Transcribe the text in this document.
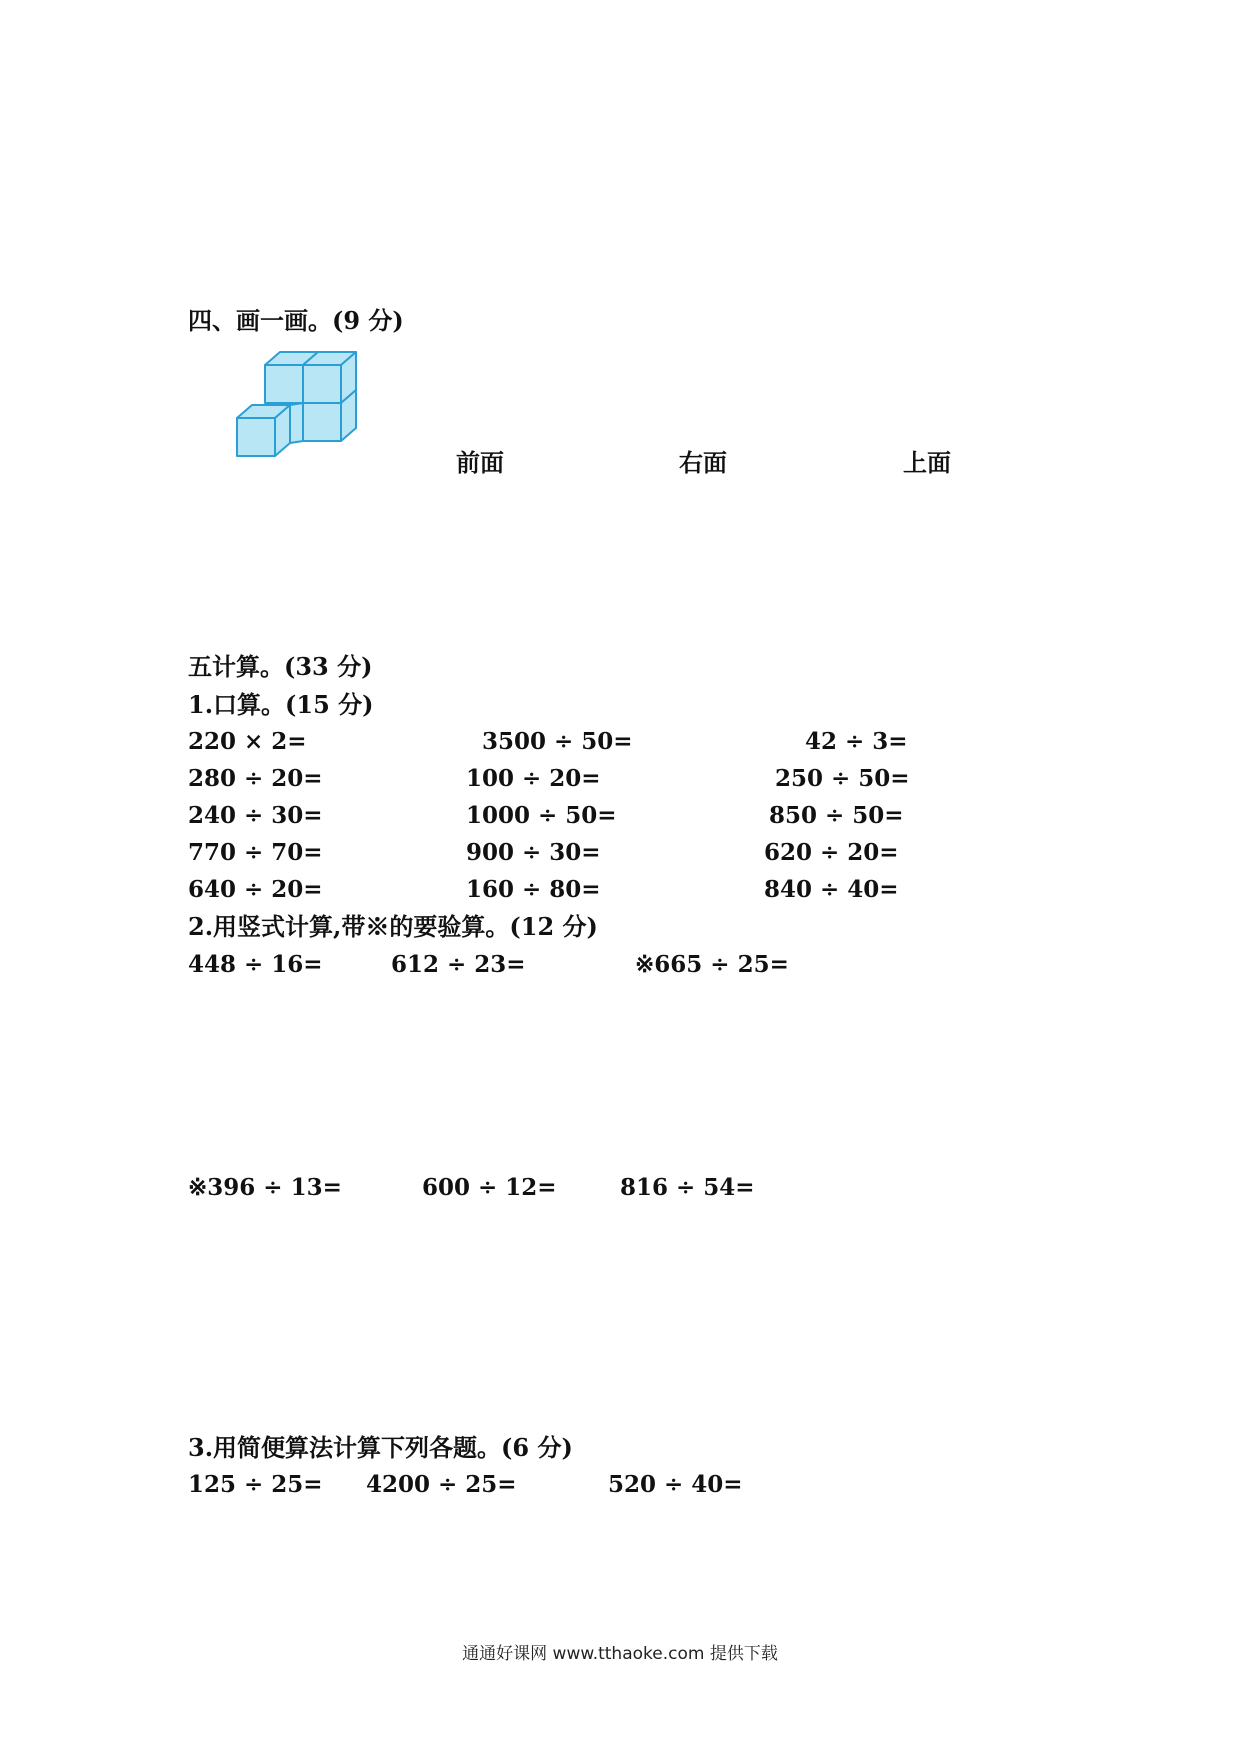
四、画一画。(9 分)
前面	右面	上面
五计算。(33 分)
1.口算。(15 分)
220 × 2=	3500 ÷ 50=	42 ÷ 3=
280 ÷ 20=	100 ÷ 20=	250 ÷ 50=
240 ÷ 30=	1000 ÷ 50=	850 ÷ 50=
770 ÷ 70=	900 ÷ 30=	620 ÷ 20=
640 ÷ 20=	160 ÷ 80=	840 ÷ 40=
2.用竖式计算,带※的要验算。(12 分)
448 ÷ 16=	612 ÷ 23=	※665 ÷ 25=
※396 ÷ 13=	600 ÷ 12=	816 ÷ 54=
3.用简便算法计算下列各题。(6 分)
125 ÷ 25= 4200 ÷ 25=	520 ÷ 40=
通通好课网 www.tthaoke.com 提供下载
